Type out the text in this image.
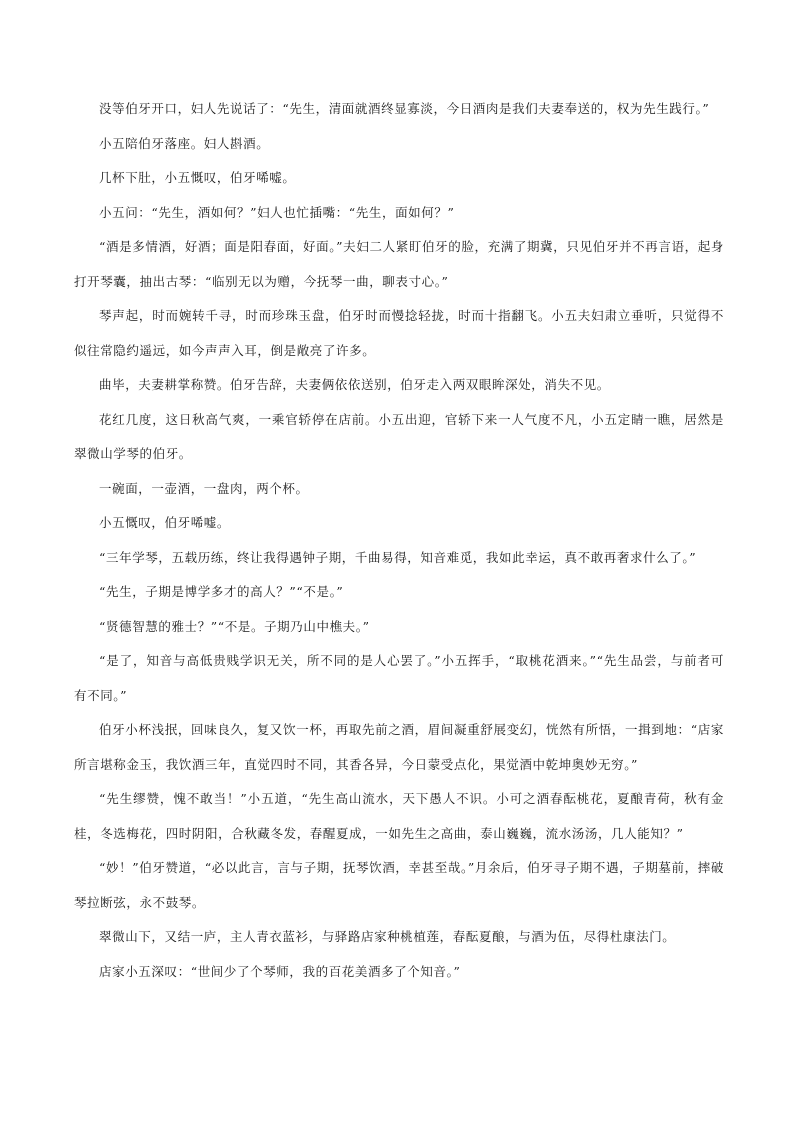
没等伯牙开口，妇人先说话了：“先生，清面就酒终显寡淡，今日酒肉是我们夫妻奉送的，权为先生践行。”

小五陪伯牙落座。妇人斟酒。

几杯下肚，小五慨叹，伯牙唏嘘。

小五问：“先生，酒如何？”妇人也忙插嘴：“先生，面如何？”

“酒是多情酒，好酒；面是阳春面，好面。”夫妇二人紧盯伯牙的脸，充满了期冀，只见伯牙并不再言语，起身打开琴囊，抽出古琴：“临别无以为赠，今抚琴一曲，聊表寸心。”

琴声起，时而婉转千寻，时而珍珠玉盘，伯牙时而慢捻轻拢，时而十指翻飞。小五夫妇肃立垂听，只觉得不似往常隐约遥远，如今声声入耳，倒是敞亮了许多。

曲毕，夫妻耕掌称赞。伯牙告辞，夫妻俩依依送别，伯牙走入两双眼眸深处，消失不见。

花红几度，这日秋高气爽，一乘官轿停在店前。小五出迎，官轿下来一人气度不凡，小五定睛一瞧，居然是翠微山学琴的伯牙。

一碗面，一壶酒，一盘肉，两个杯。

小五慨叹，伯牙唏嘘。

“三年学琴，五载历练，终让我得遇钟子期，千曲易得，知音难觅，我如此幸运，真不敢再奢求什么了。”

“先生，子期是博学多才的高人？”“不是。”

“贤德智慧的雅士？”“不是。子期乃山中樵夫。”

“是了，知音与高低贵贱学识无关，所不同的是人心罢了。”小五挥手，“取桃花酒来。”“先生品尝，与前者可有不同。”

伯牙小杯浅抿，回味良久，复又饮一杯，再取先前之酒，眉间凝重舒展变幻，恍然有所悟，一揖到地：“店家所言堪称金玉，我饮酒三年，直觉四时不同，其香各异，今日蒙受点化，果觉酒中乾坤奥妙无穷。”

“先生缪赞，愧不敢当！”小五道，“先生高山流水，天下愚人不识。小可之酒春酝桃花，夏酿青荷，秋有金桂，冬选梅花，四时阴阳，合秋藏冬发，春醒夏成，一如先生之高曲，泰山巍巍，流水汤汤，几人能知？”

“妙！”伯牙赞道，“必以此言，言与子期，抚琴饮酒，幸甚至哉。”月余后，伯牙寻子期不遇，子期墓前，摔破琴拉断弦，永不鼓琴。

翠微山下，又结一庐，主人青衣蓝衫，与驿路店家种桃植莲，春酝夏酿，与酒为伍，尽得杜康法门。

店家小五深叹：“世间少了个琴师，我的百花美酒多了个知音。”
